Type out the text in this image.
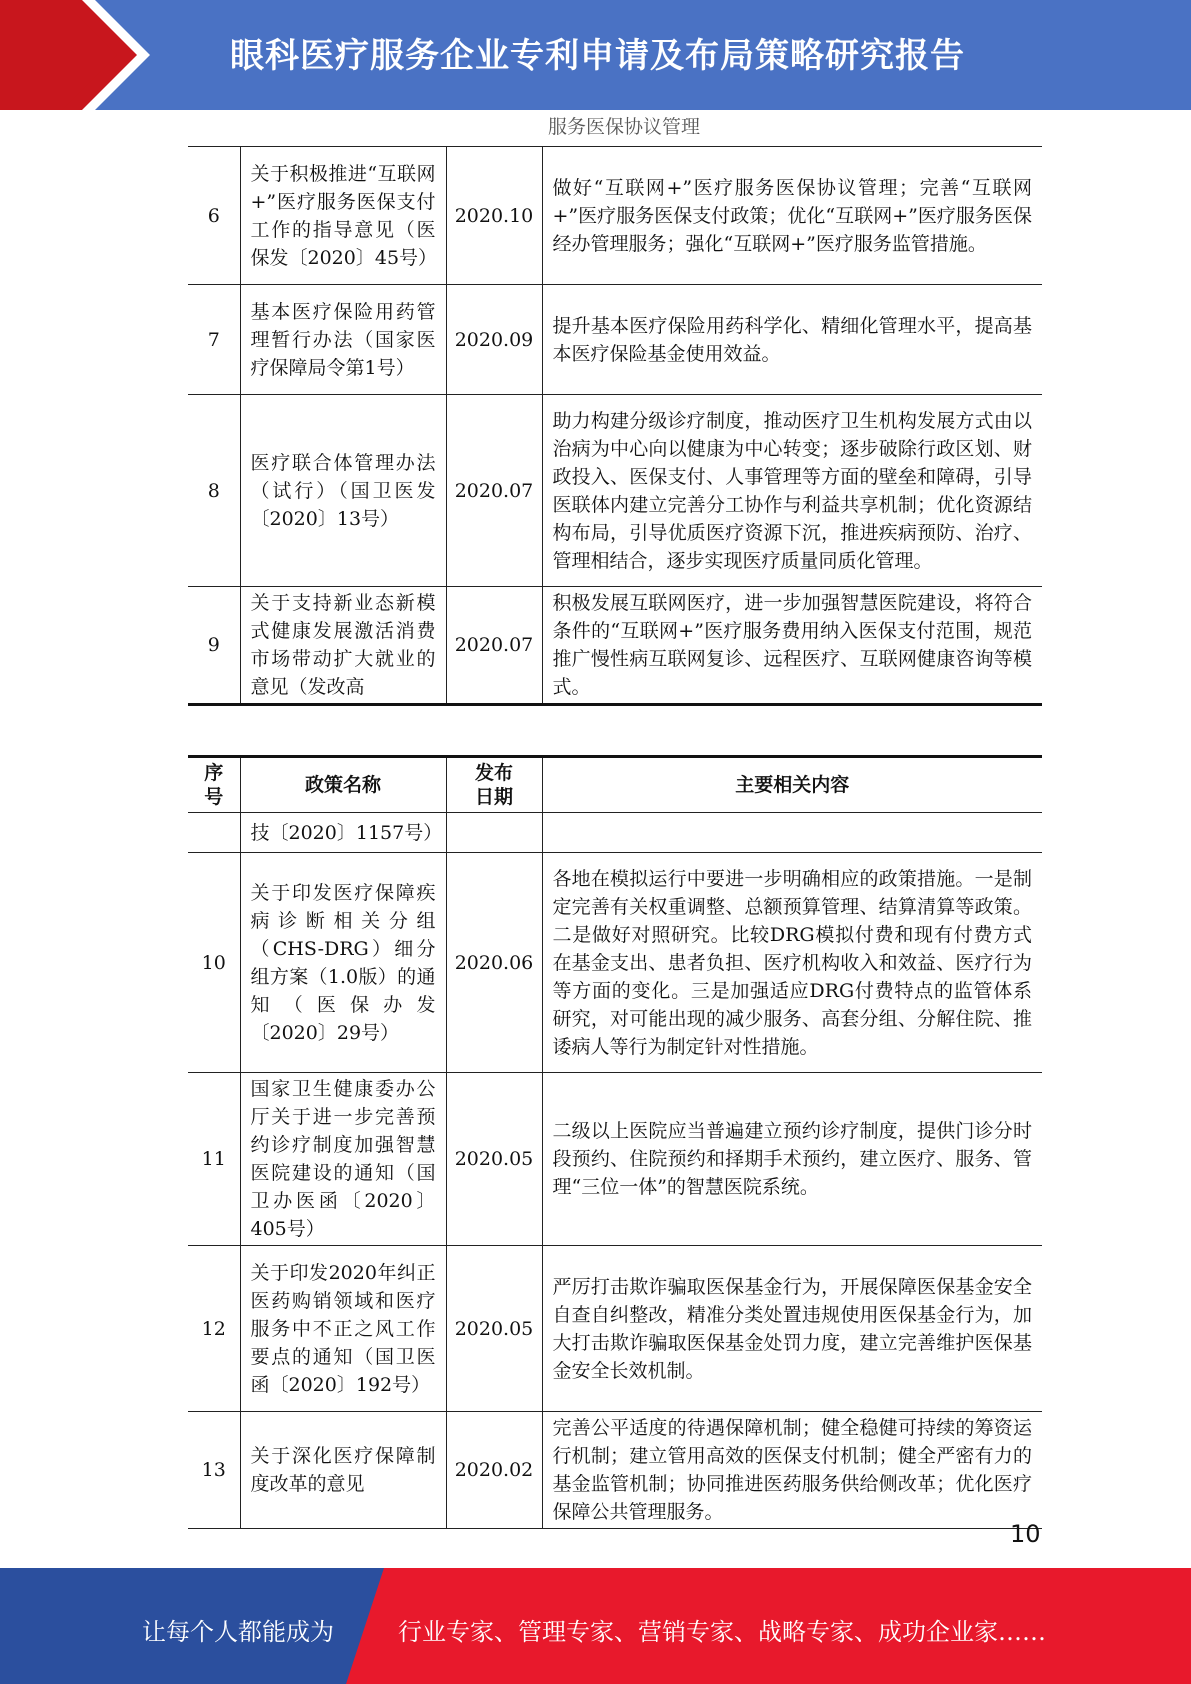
眼科医疗服务企业专利申请及布局策略研究报告
服务医保协议管理
6	关于积极推进“互联网+”医疗服务医保支付工作的指导意见（医保发〔2020〕45号）	2020.10	做好“互联网+”医疗服务医保协议管理；完善“互联网+”医疗服务医保支付政策；优化“互联网+”医疗服务医保经办管理服务；强化“互联网+”医疗服务监管措施。
7	基本医疗保险用药管理暂行办法（国家医疗保障局令第1号）	2020.09	提升基本医疗保险用药科学化、精细化管理水平，提高基本医疗保险基金使用效益。
8	医疗联合体管理办法（试行）（国卫医发〔2020〕13号）	2020.07	助力构建分级诊疗制度，推动医疗卫生机构发展方式由以治病为中心向以健康为中心转变；逐步破除行政区划、财政投入、医保支付、人事管理等方面的壁垒和障碍，引导医联体内建立完善分工协作与利益共享机制；优化资源结构布局，引导优质医疗资源下沉，推进疾病预防、治疗、管理相结合，逐步实现医疗质量同质化管理。
9	关于支持新业态新模式健康发展激活消费市场带动扩大就业的意见（发改高	2020.07	积极发展互联网医疗，进一步加强智慧医院建设，将符合条件的“互联网+”医疗服务费用纳入医保支付范围，规范推广慢性病互联网复诊、远程医疗、互联网健康咨询等模式。
序号	政策名称	发布日期	主要相关内容
	技〔2020〕1157号）		
10	关于印发医疗保障疾病诊断相关分组（CHS-DRG）细分组方案（1.0版）的通知（医保办发〔2020〕29号）	2020.06	各地在模拟运行中要进一步明确相应的政策措施。一是制定完善有关权重调整、总额预算管理、结算清算等政策。二是做好对照研究。比较DRG模拟付费和现有付费方式在基金支出、患者负担、医疗机构收入和效益、医疗行为等方面的变化。三是加强适应DRG付费特点的监管体系研究，对可能出现的减少服务、高套分组、分解住院、推诿病人等行为制定针对性措施。
11	国家卫生健康委办公厅关于进一步完善预约诊疗制度加强智慧医院建设的通知（国卫办医函〔2020〕405号）	2020.05	二级以上医院应当普遍建立预约诊疗制度，提供门诊分时段预约、住院预约和择期手术预约，建立医疗、服务、管理“三位一体”的智慧医院系统。
12	关于印发2020年纠正医药购销领域和医疗服务中不正之风工作要点的通知（国卫医函〔2020〕192号）	2020.05	严厉打击欺诈骗取医保基金行为，开展保障医保基金安全自查自纠整改，精准分类处置违规使用医保基金行为，加大打击欺诈骗取医保基金处罚力度，建立完善维护医保基金安全长效机制。
13	关于深化医疗保障制度改革的意见	2020.02	完善公平适度的待遇保障机制；健全稳健可持续的筹资运行机制；建立管用高效的医保支付机制；健全严密有力的基金监管机制；协同推进医药服务供给侧改革；优化医疗保障公共管理服务。
10
让每个人都能成为	行业专家、管理专家、营销专家、战略专家、成功企业家……
